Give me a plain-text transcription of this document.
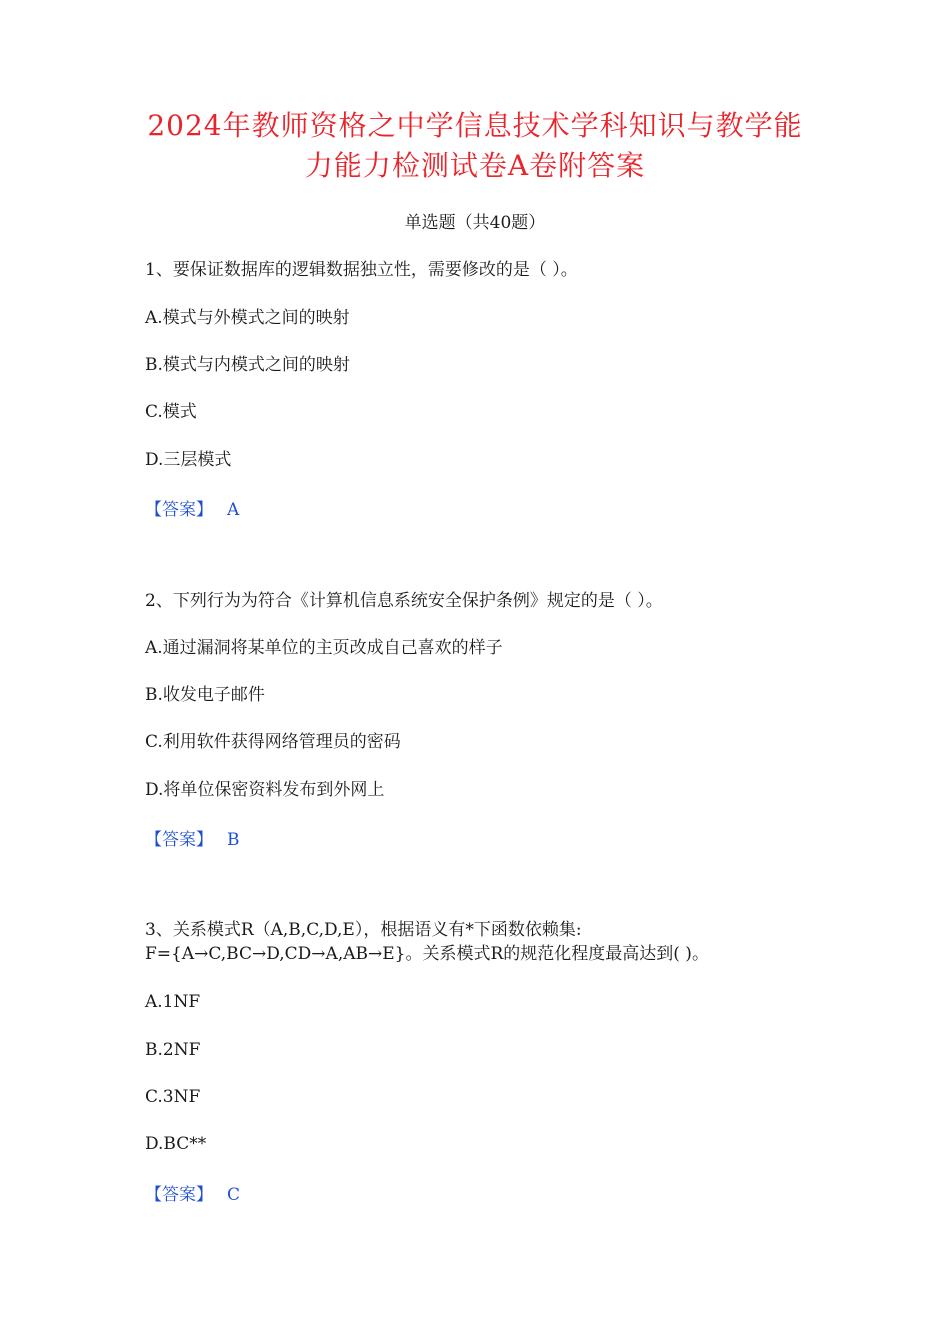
2024年教师资格之中学信息技术学科知识与教学能
力能力检测试卷A卷附答案
单选题（共40题）
1、要保证数据库的逻辑数据独立性，需要修改的是（ ）。
A.模式与外模式之间的映射
B.模式与内模式之间的映射
C.模式
D.三层模式
【答案】 A
2、下列行为为符合《计算机信息系统安全保护条例》规定的是（ ）。
A.通过漏洞将某单位的主页改成自己喜欢的样子
B.收发电子邮件
C.利用软件获得网络管理员的密码
D.将单位保密资料发布到外网上
【答案】 B
3、关系模式R（A,B,C,D,E），根据语义有*下函数依赖集:
F={A→C,BC→D,CD→A,AB→E}。关系模式R的规范化程度最高达到( )。
A.1NF
B.2NF
C.3NF
D.BC**
【答案】 C
